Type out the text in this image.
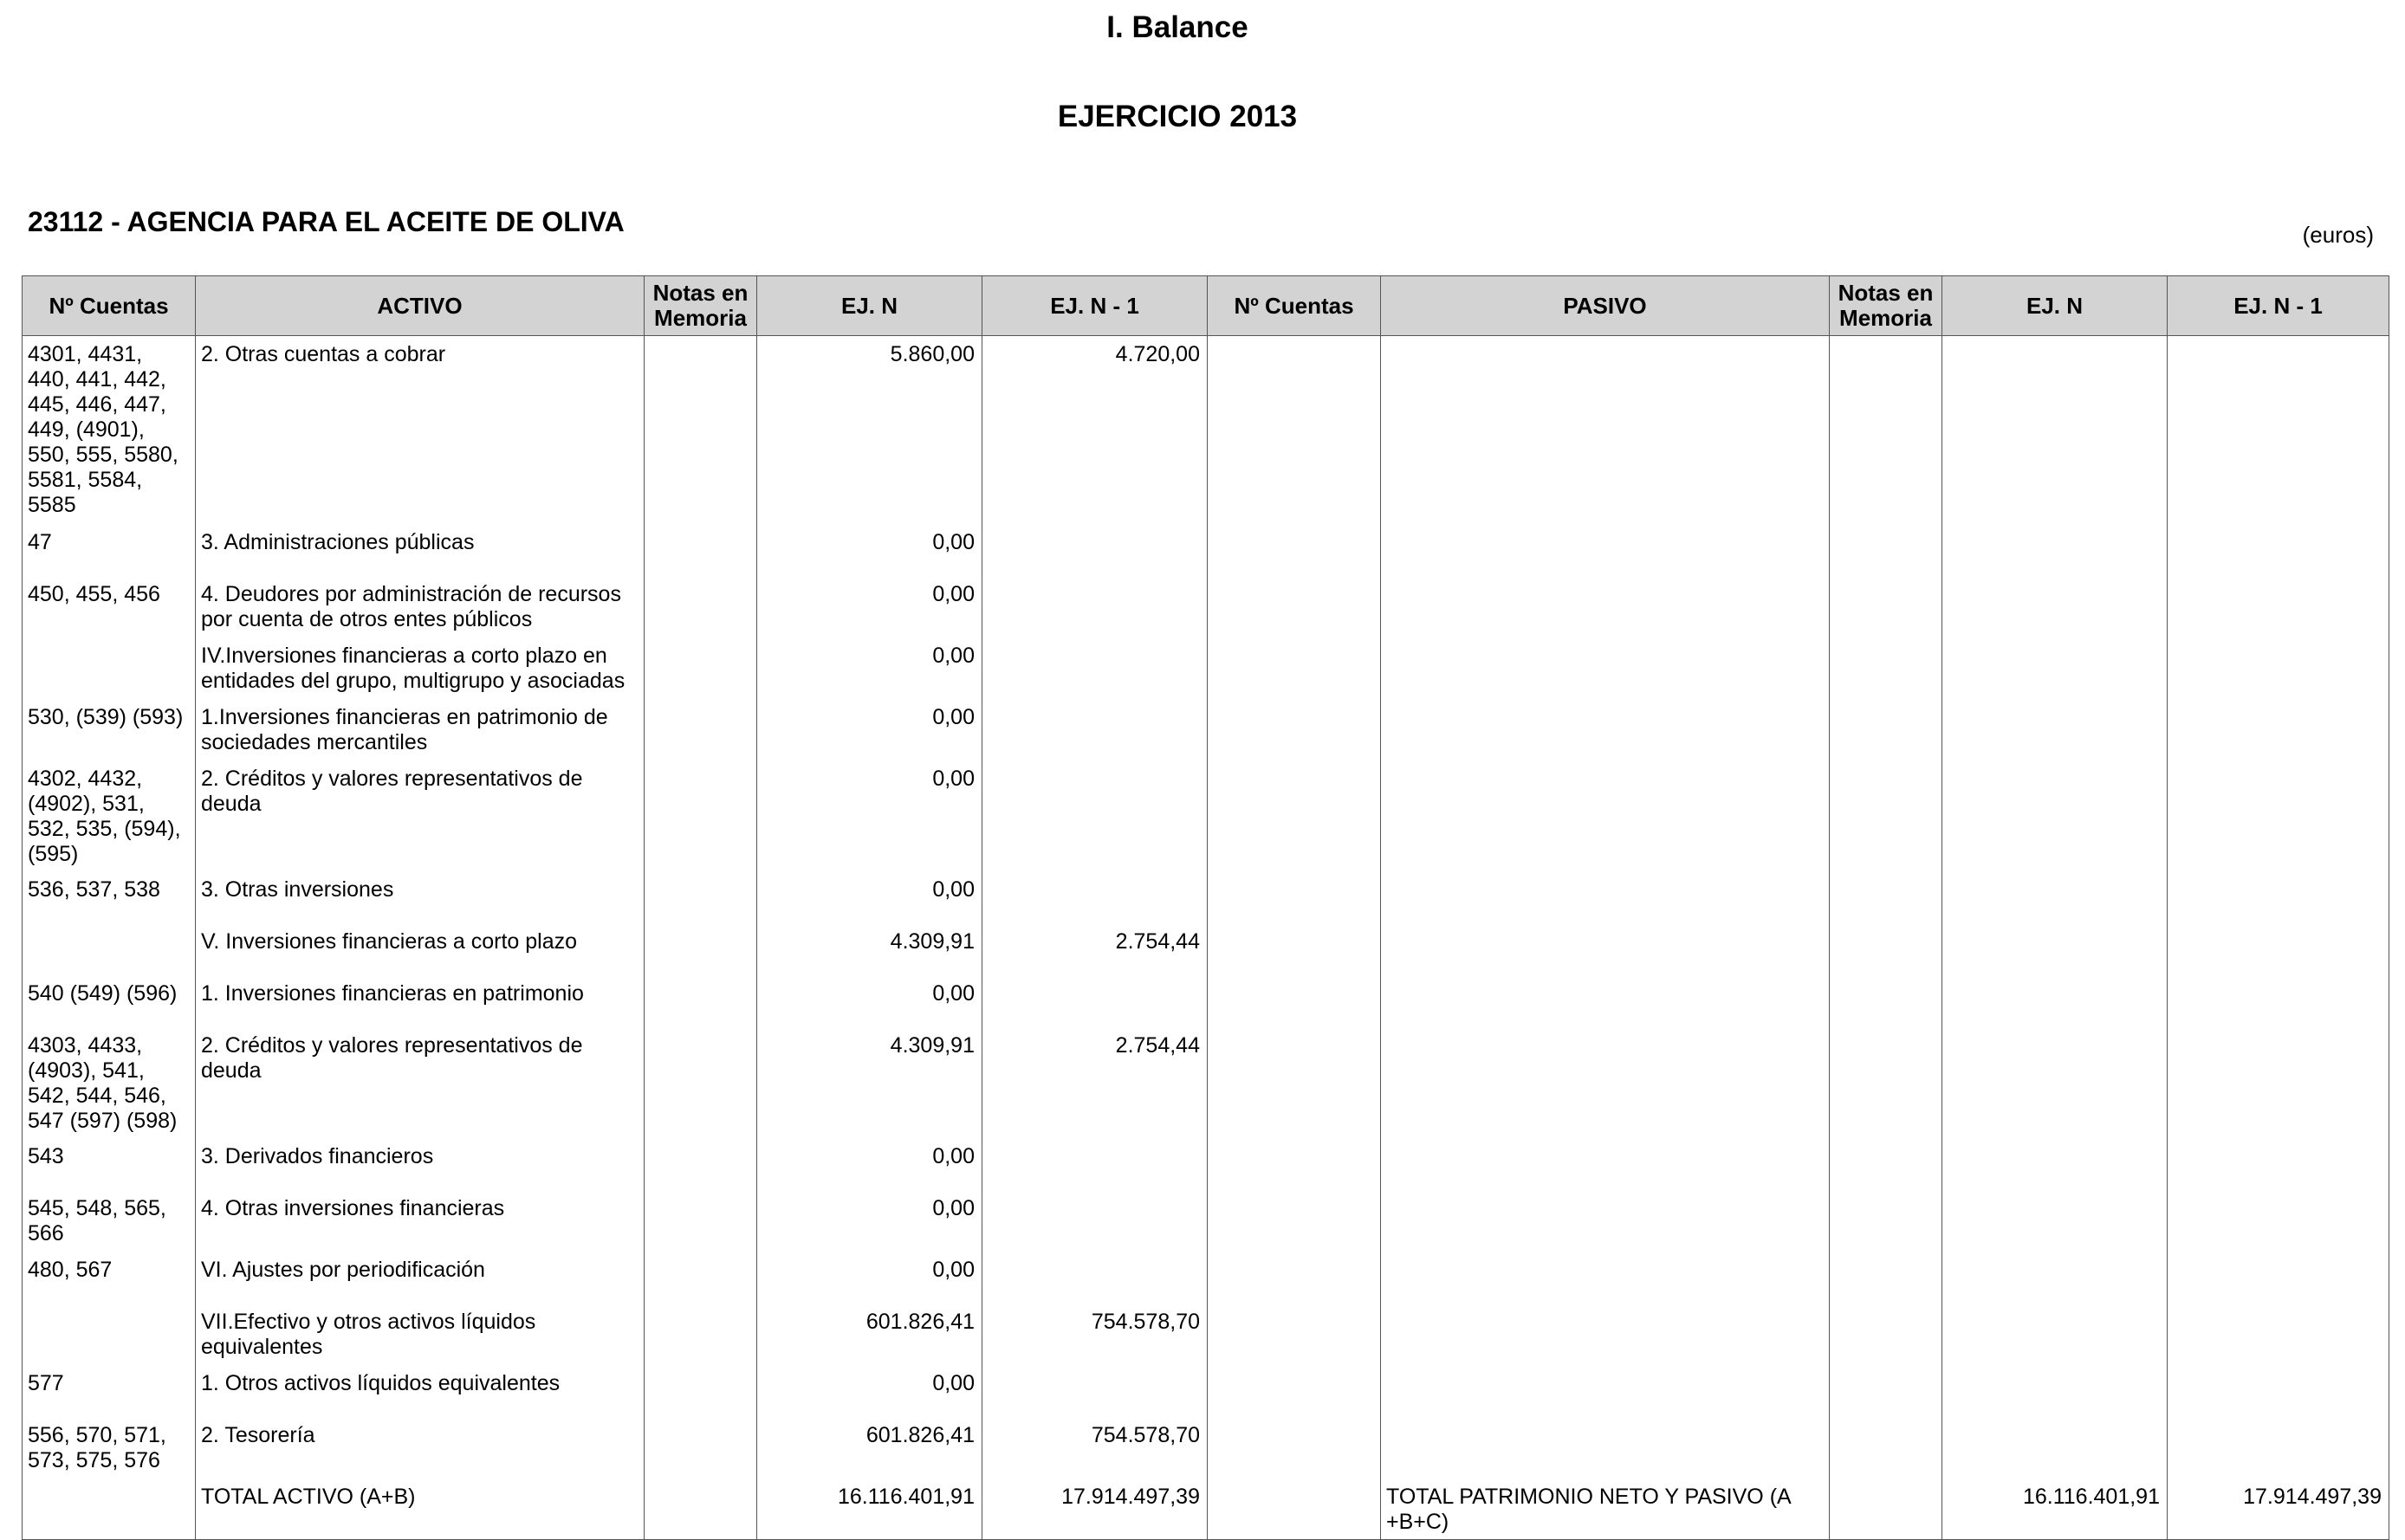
I. Balance
EJERCICIO 2013
23112 - AGENCIA PARA EL ACEITE DE OLIVA	(euros)
Nº Cuentas	ACTIVO	Notas en Memoria	EJ. N	EJ. N - 1	Nº Cuentas	PASIVO	Notas en Memoria	EJ. N	EJ. N - 1
4301, 4431, 440, 441, 442, 445, 446, 447, 449, (4901), 550, 555, 5580, 5581, 5584, 5585	2. Otras cuentas a cobrar		5.860,00	4.720,00					
47	3. Administraciones públicas		0,00						
450, 455, 456	4. Deudores por administración de recursos por cuenta de otros entes públicos		0,00						
	IV.Inversiones financieras a corto plazo en entidades del grupo, multigrupo y asociadas		0,00						
530, (539) (593)	1.Inversiones financieras en patrimonio de sociedades mercantiles		0,00						
4302, 4432, (4902), 531, 532, 535, (594), (595)	2. Créditos y valores representativos de deuda		0,00						
536, 537, 538	3. Otras inversiones		0,00						
	V. Inversiones financieras a corto plazo		4.309,91	2.754,44					
540 (549) (596)	1. Inversiones financieras en patrimonio		0,00						
4303, 4433, (4903), 541, 542, 544, 546, 547 (597) (598)	2. Créditos y valores representativos de deuda		4.309,91	2.754,44					
543	3. Derivados financieros		0,00						
545, 548, 565, 566	4. Otras inversiones financieras		0,00						
480, 567	VI. Ajustes por periodificación		0,00						
	VII.Efectivo y otros activos líquidos equivalentes		601.826,41	754.578,70					
577	1. Otros activos líquidos equivalentes		0,00						
556, 570, 571, 573, 575, 576	2. Tesorería		601.826,41	754.578,70					
	TOTAL ACTIVO (A+B)		16.116.401,91	17.914.497,39		TOTAL PATRIMONIO NETO Y PASIVO (A +B+C)		16.116.401,91	17.914.497,39
